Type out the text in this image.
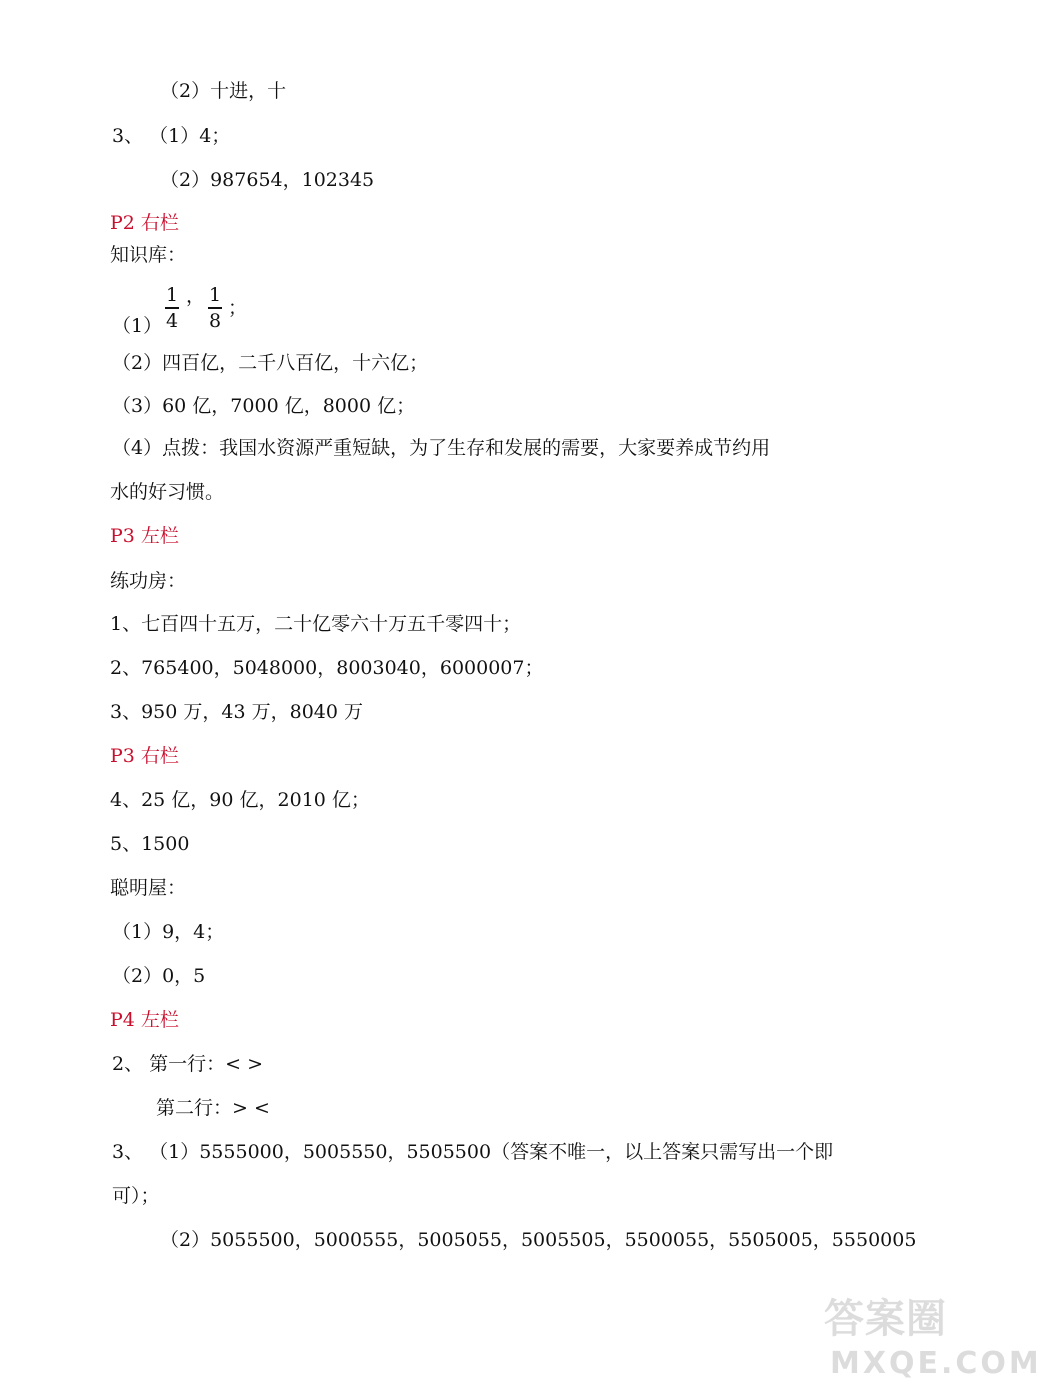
（2）十进，十

3、 （1）4；

（2）987654，102345

P2 右栏

知识库：

（1）

1
4

， 1
8

；

（2）四百亿，二千八百亿，十六亿；

（3）60 亿，7000 亿，8000 亿；

（4）点拨：我国水资源严重短缺，为了生存和发展的需要，大家要养成节约用

水的好习惯。

P3 左栏

练功房：

1、七百四十五万，二十亿零六十万五千零四十；

2、765400，5048000，8003040，6000007；

3、950 万，43 万，8040 万

P3 右栏

4、25 亿，90 亿，2010 亿；

5、1500

聪明屋：

（1）9，4；

（2）0，5

P4 左栏

2、 第一行：< >

第二行：> <

3、 （1）5555000，5005550，5505500（答案不唯一，以上答案只需写出一个即

可）；

（2）5055500，5000555，5005055，5005505，5500055，5505005，5550005

答案圈
MXQE.COM
